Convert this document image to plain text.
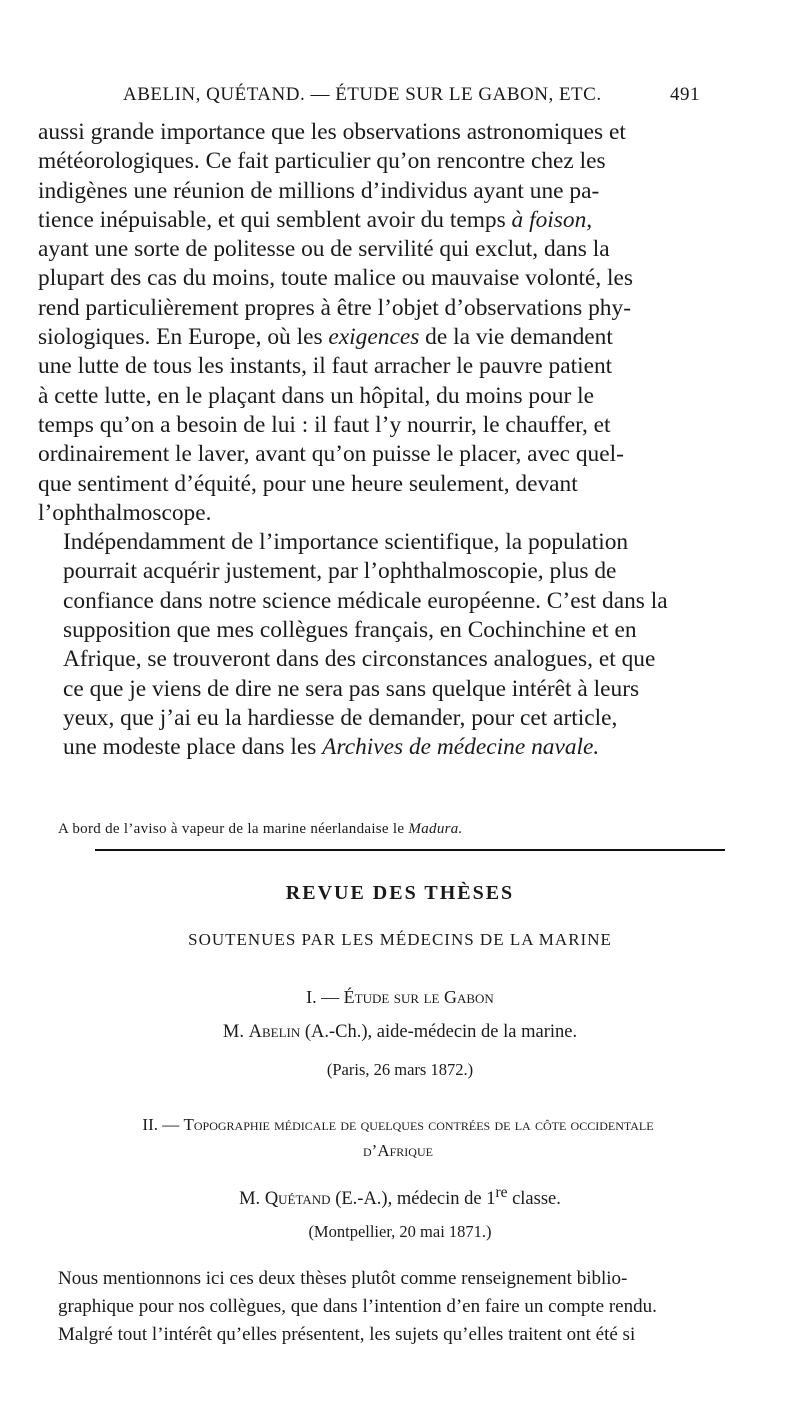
ABELIN, QUÉTAND. — ÉTUDE SUR LE GABON, ETC.	491

aussi grande importance que les observations astronomiques et
météorologiques. Ce fait particulier qu’on rencontre chez les
indigènes une réunion de millions d’individus ayant une pa-
tience inépuisable, et qui semblent avoir du temps à foison,
ayant une sorte de politesse ou de servilité qui exclut, dans la
plupart des cas du moins, toute malice ou mauvaise volonté, les
rend particulièrement propres à être l’objet d’observations phy-
siologiques. En Europe, où les exigences de la vie demandent
une lutte de tous les instants, il faut arracher le pauvre patient
à cette lutte, en le plaçant dans un hôpital, du moins pour le
temps qu’on a besoin de lui : il faut l’y nourrir, le chauffer, et
ordinairement le laver, avant qu’on puisse le placer, avec quel-
que sentiment d’équité, pour une heure seulement, devant
l’ophthalmoscope.

Indépendamment de l’importance scientifique, la population
pourrait acquérir justement, par l’ophthalmoscopie, plus de
confiance dans notre science médicale européenne. C’est dans la
supposition que mes collègues français, en Cochinchine et en
Afrique, se trouveront dans des circonstances analogues, et que
ce que je viens de dire ne sera pas sans quelque intérêt à leurs
yeux, que j’ai eu la hardiesse de demander, pour cet article,
une modeste place dans les Archives de médecine navale.

A bord de l’aviso à vapeur de la marine néerlandaise le Madura.
REVUE DES THÈSES
SOUTENUES PAR LES MÉDECINS DE LA MARINE
I. — Étude sur le Gabon
M. Abelin (A.-Ch.), aide-médecin de la marine.
(Paris, 26 mars 1872.)
II. — Topographie médicale de quelques contrées de la côte occidentale
d’Afrique
M. Quétand (E.-A.), médecin de 1re classe.
(Montpellier, 20 mai 1871.)

Nous mentionnons ici ces deux thèses plutôt comme renseignement biblio-
graphique pour nos collègues, que dans l’intention d’en faire un compte rendu.
Malgré tout l’intérêt qu’elles présentent, les sujets qu’elles traitent ont été si
